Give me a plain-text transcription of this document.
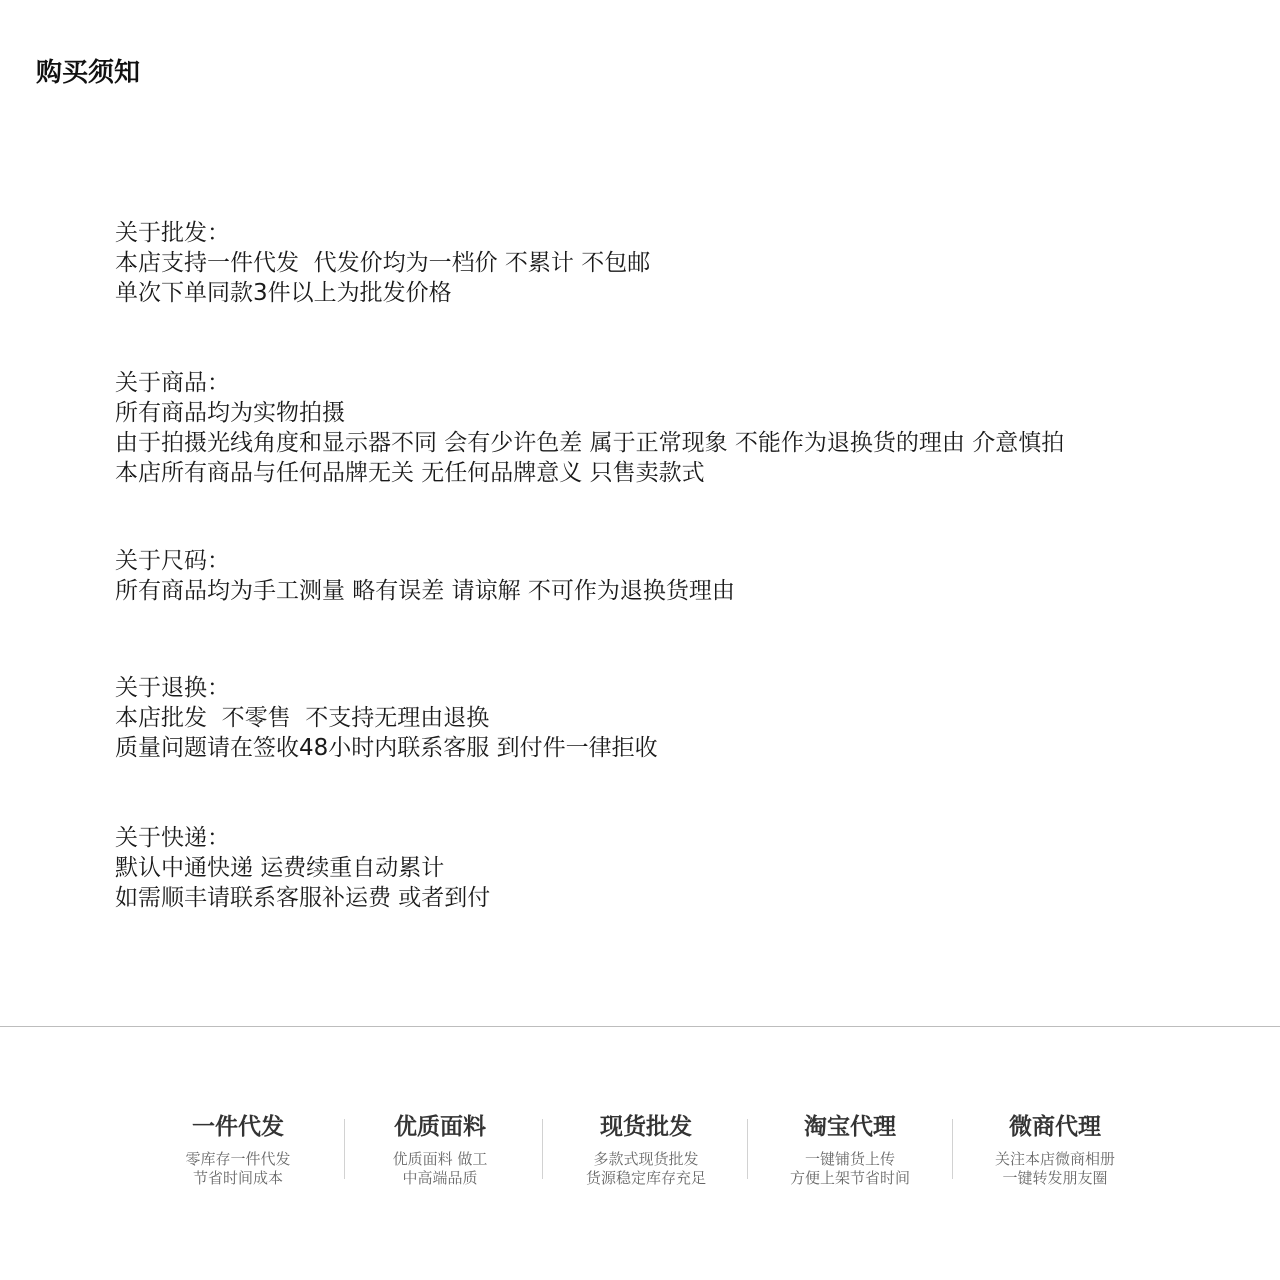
购买须知
关于批发：
本店支持一件代发  代发价均为一档价 不累计 不包邮
单次下单同款3件以上为批发价格
关于商品：
所有商品均为实物拍摄
由于拍摄光线角度和显示器不同 会有少许色差 属于正常现象 不能作为退换货的理由 介意慎拍
本店所有商品与任何品牌无关 无任何品牌意义 只售卖款式
关于尺码：
所有商品均为手工测量 略有误差 请谅解 不可作为退换货理由
关于退换：
本店批发  不零售  不支持无理由退换
质量问题请在签收48小时内联系客服 到付件一律拒收
关于快递：
默认中通快递 运费续重自动累计
如需顺丰请联系客服补运费 或者到付
一件代发
零库存一件代发
节省时间成本
优质面料
优质面料 做工
中高端品质
现货批发
多款式现货批发
货源稳定库存充足
淘宝代理
一键铺货上传
方便上架节省时间
微商代理
关注本店微商相册
一键转发朋友圈
